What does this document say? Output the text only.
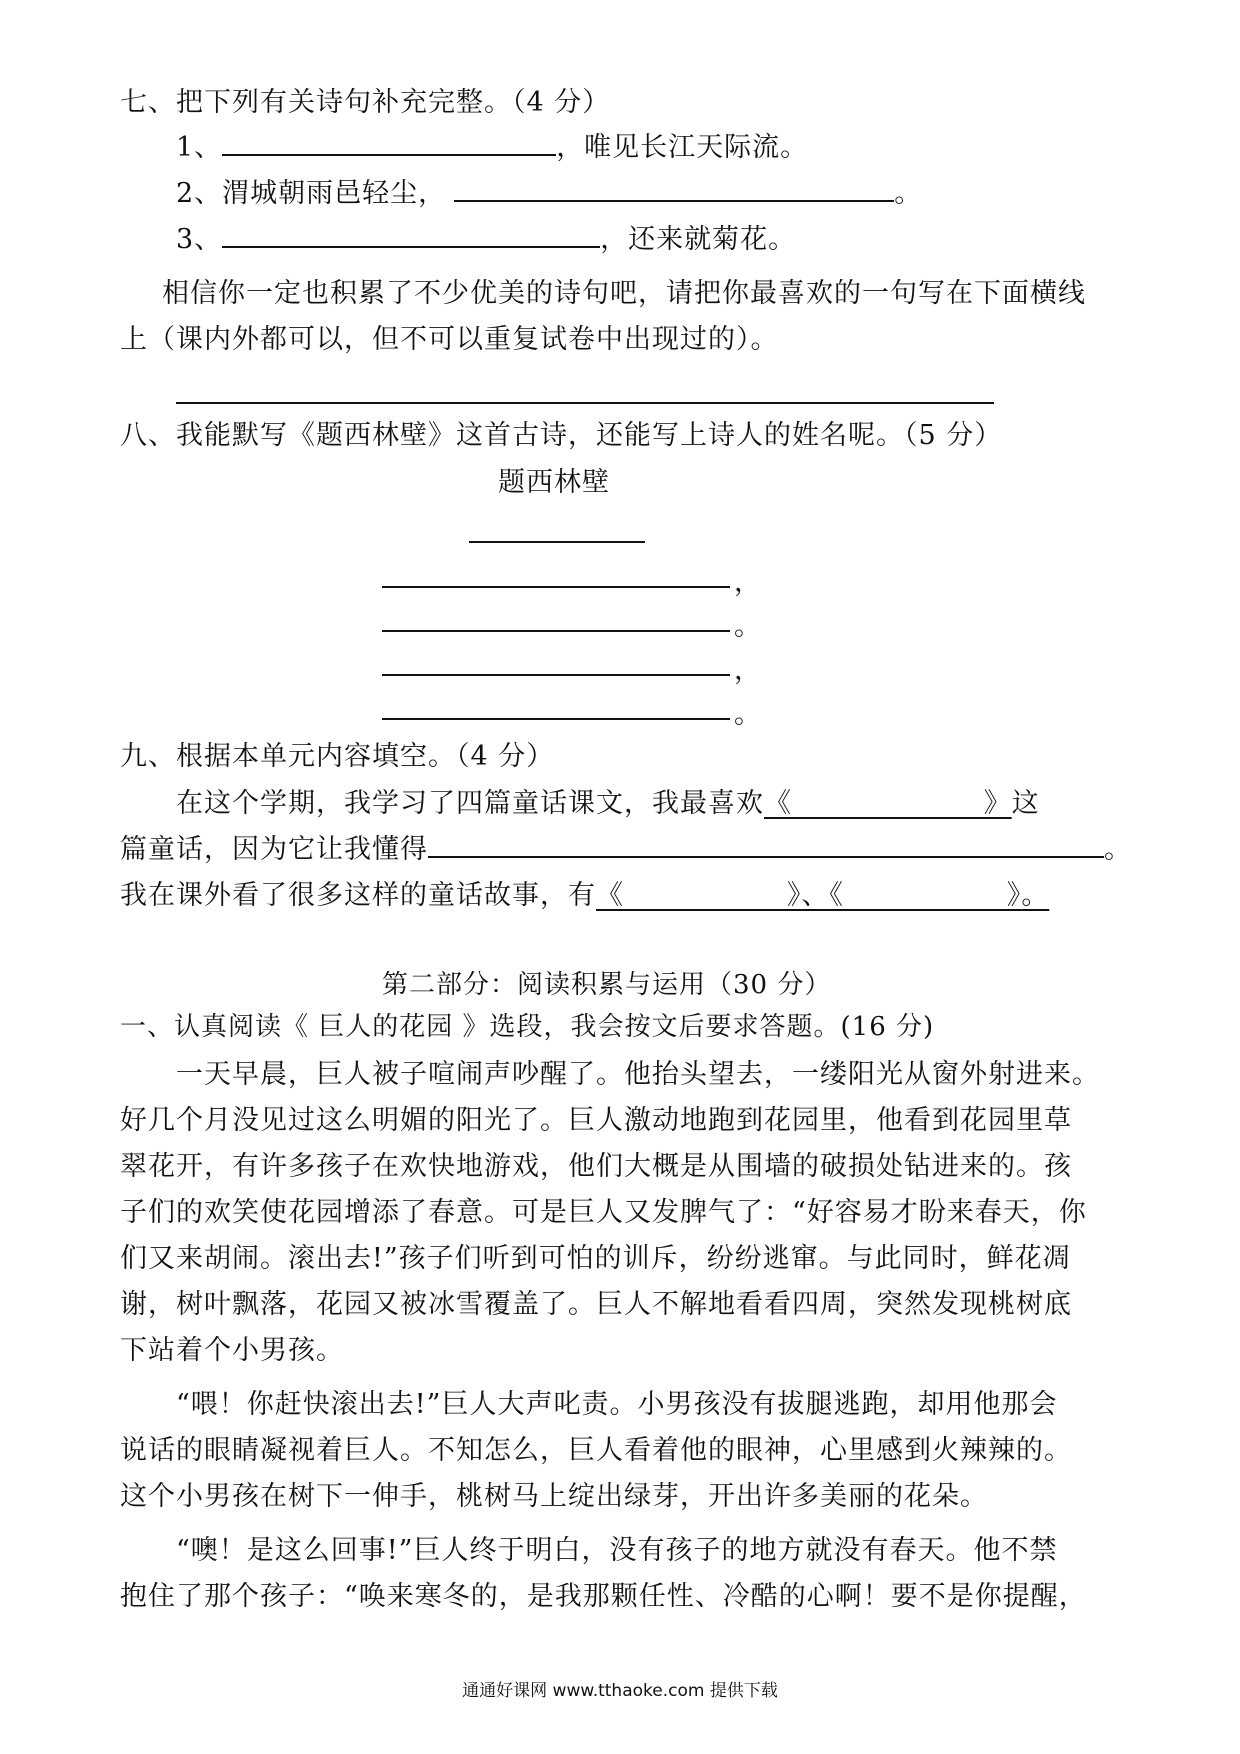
七、把下列有关诗句补充完整。（4 分）
1、	，唯见长江天际流。
2、渭城朝雨邑轻尘，	。
3、	，还来就菊花。
相信你一定也积累了不少优美的诗句吧，请把你最喜欢的一句写在下面横线
上（课内外都可以，但不可以重复试卷中出现过的）。
八、我能默写《题西林壁》这首古诗，还能写上诗人的姓名呢。（5 分）
题西林壁
，
。
，
。
九、根据本单元内容填空。（4 分）
在这个学期，我学习了四篇童话课文，我最喜欢《                    》这
篇童话，因为它让我懂得	。
我在课外看了很多这样的童话故事，有《                 》、《                 》。
第二部分：阅读积累与运用（30 分）
一、认真阅读《 巨人的花园 》选段，我会按文后要求答题。(16 分)
一天早晨，巨人被子喧闹声吵醒了。他抬头望去，一缕阳光从窗外射进来。
好几个月没见过这么明媚的阳光了。巨人激动地跑到花园里，他看到花园里草
翠花开，有许多孩子在欢快地游戏，他们大概是从围墙的破损处钻进来的。孩
子们的欢笑使花园增添了春意。可是巨人又发脾气了：“好容易才盼来春天，你
们又来胡闹。滚出去!”孩子们听到可怕的训斥，纷纷逃窜。与此同时，鲜花凋
谢，树叶飘落，花园又被冰雪覆盖了。巨人不解地看看四周，突然发现桃树底
下站着个小男孩。
“喂！你赶快滚出去!”巨人大声叱责。小男孩没有拔腿逃跑，却用他那会
说话的眼睛凝视着巨人。不知怎么，巨人看着他的眼神，心里感到火辣辣的。
这个小男孩在树下一伸手，桃树马上绽出绿芽，开出许多美丽的花朵。
“噢！是这么回事!”巨人终于明白，没有孩子的地方就没有春天。他不禁
抱住了那个孩子：“唤来寒冬的，是我那颗任性、冷酷的心啊！要不是你提醒，
通通好课网 www.tthaoke.com 提供下载
